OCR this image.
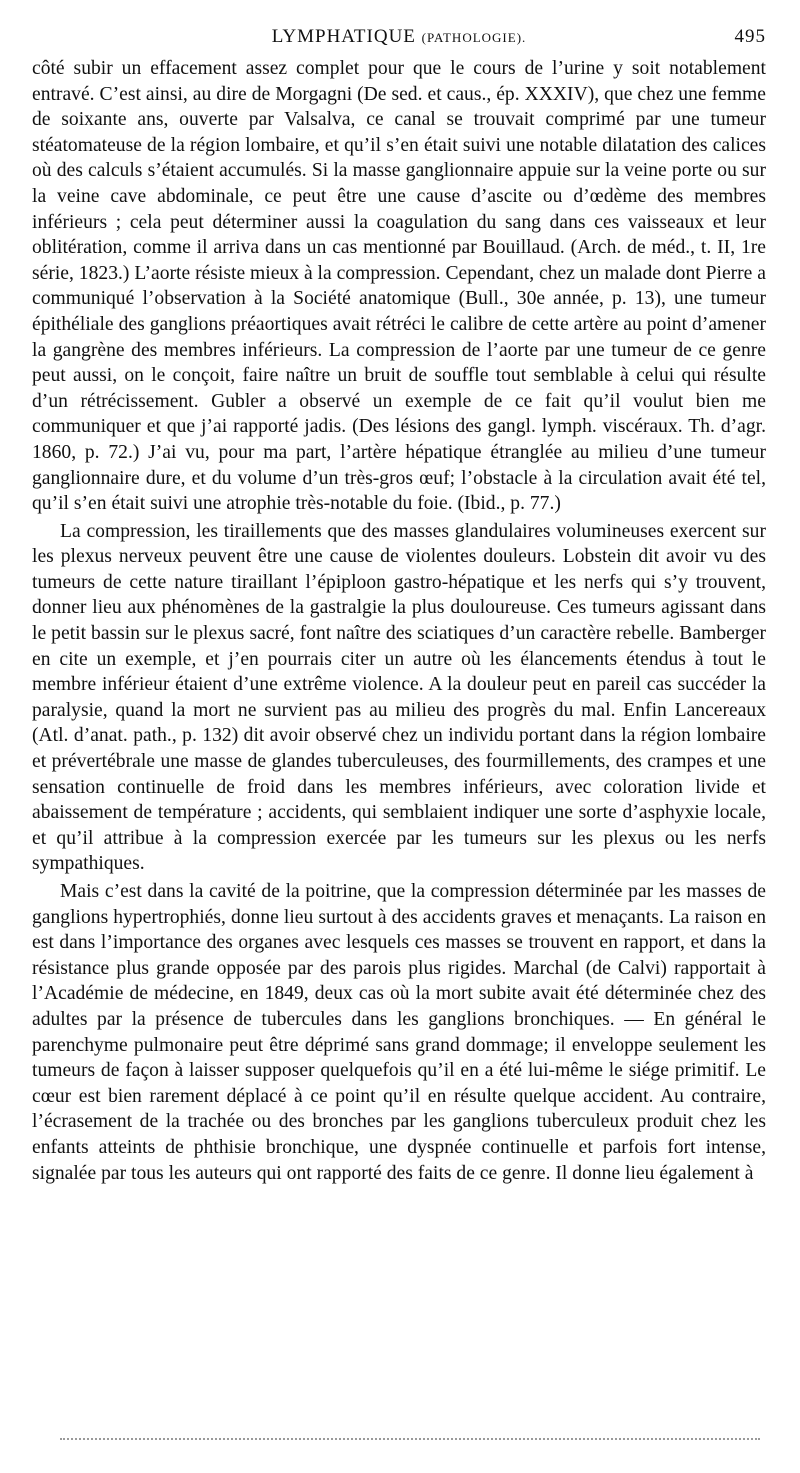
LYMPHATIQUE (PATHOLOGIE).	495

côté subir un effacement assez complet pour que le cours de l’urine y soit notablement entravé. C’est ainsi, au dire de Morgagni (De sed. et caus., ép. XXXIV), que chez une femme de soixante ans, ouverte par Valsalva, ce canal se trouvait comprimé par une tumeur stéatomateuse de la région lombaire, et qu’il s’en était suivi une notable dilatation des calices où des calculs s’étaient accumulés. Si la masse ganglionnaire appuie sur la veine porte ou sur la veine cave abdominale, ce peut être une cause d’ascite ou d’œdème des membres inférieurs ; cela peut déterminer aussi la coagulation du sang dans ces vaisseaux et leur oblitération, comme il arriva dans un cas mentionné par Bouillaud. (Arch. de méd., t. II, 1re série, 1823.) L’aorte résiste mieux à la compression. Cependant, chez un malade dont Pierre a communiqué l’observation à la Société anatomique (Bull., 30e année, p. 13), une tumeur épithéliale des ganglions préaortiques avait rétréci le calibre de cette artère au point d’amener la gangrène des membres inférieurs. La compression de l’aorte par une tumeur de ce genre peut aussi, on le conçoit, faire naître un bruit de souffle tout semblable à celui qui résulte d’un rétrécissement. Gubler a observé un exemple de ce fait qu’il voulut bien me communiquer et que j’ai rapporté jadis. (Des lésions des gangl. lymph. viscéraux. Th. d’agr. 1860, p. 72.) J’ai vu, pour ma part, l’artère hépatique étranglée au milieu d’une tumeur ganglionnaire dure, et du volume d’un très-gros œuf; l’obstacle à la circulation avait été tel, qu’il s’en était suivi une atrophie très-notable du foie. (Ibid., p. 77.)

La compression, les tiraillements que des masses glandulaires volumineuses exercent sur les plexus nerveux peuvent être une cause de violentes douleurs. Lobstein dit avoir vu des tumeurs de cette nature tiraillant l’épiploon gastro-hépatique et les nerfs qui s’y trouvent, donner lieu aux phénomènes de la gastralgie la plus douloureuse. Ces tumeurs agissant dans le petit bassin sur le plexus sacré, font naître des sciatiques d’un caractère rebelle. Bamberger en cite un exemple, et j’en pourrais citer un autre où les élancements étendus à tout le membre inférieur étaient d’une extrême violence. A la douleur peut en pareil cas succéder la paralysie, quand la mort ne survient pas au milieu des progrès du mal. Enfin Lancereaux (Atl. d’anat. path., p. 132) dit avoir observé chez un individu portant dans la région lombaire et prévertébrale une masse de glandes tuberculeuses, des fourmillements, des crampes et une sensation continuelle de froid dans les membres inférieurs, avec coloration livide et abaissement de température ; accidents, qui semblaient indiquer une sorte d’asphyxie locale, et qu’il attribue à la compression exercée par les tumeurs sur les plexus ou les nerfs sympathiques.

Mais c’est dans la cavité de la poitrine, que la compression déterminée par les masses de ganglions hypertrophiés, donne lieu surtout à des accidents graves et menaçants. La raison en est dans l’importance des organes avec lesquels ces masses se trouvent en rapport, et dans la résistance plus grande opposée par des parois plus rigides. Marchal (de Calvi) rapportait à l’Académie de médecine, en 1849, deux cas où la mort subite avait été déterminée chez des adultes par la présence de tubercules dans les ganglions bronchiques. — En général le parenchyme pulmonaire peut être déprimé sans grand dommage; il enveloppe seulement les tumeurs de façon à laisser supposer quelquefois qu’il en a été lui-même le siége primitif. Le cœur est bien rarement déplacé à ce point qu’il en résulte quelque accident. Au contraire, l’écrasement de la trachée ou des bronches par les ganglions tuberculeux produit chez les enfants atteints de phthisie bronchique, une dyspnée continuelle et parfois fort intense, signalée par tous les auteurs qui ont rapporté des faits de ce genre. Il donne lieu également à
